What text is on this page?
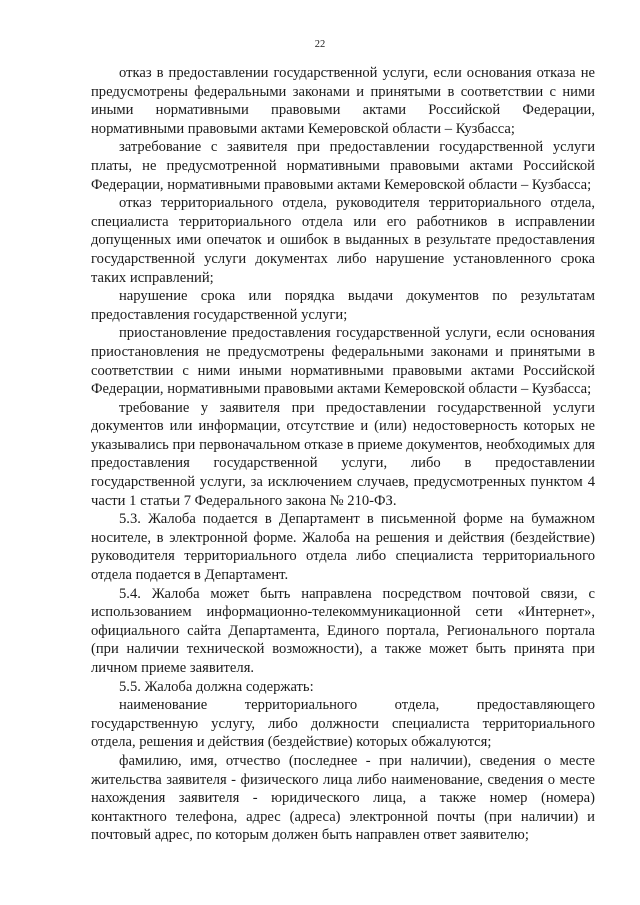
22

отказ в предоставлении государственной услуги, если основания отказа не предусмотрены федеральными законами и принятыми в соответствии с ними иными нормативными правовыми актами Российской Федерации, нормативными правовыми актами Кемеровской области – Кузбасса;

затребование с заявителя при предоставлении государственной услуги платы, не предусмотренной нормативными правовыми актами Российской Федерации, нормативными правовыми актами Кемеровской области – Кузбасса;

отказ территориального отдела, руководителя территориального отдела, специалиста территориального отдела или его работников в исправлении допущенных ими опечаток и ошибок в выданных в результате предоставления государственной услуги документах либо нарушение установленного срока таких исправлений;

нарушение срока или порядка выдачи документов по результатам предоставления государственной услуги;

приостановление предоставления государственной услуги, если основания приостановления не предусмотрены федеральными законами и принятыми в соответствии с ними иными нормативными правовыми актами Российской Федерации, нормативными правовыми актами Кемеровской области – Кузбасса;

требование у заявителя при предоставлении государственной услуги документов или информации, отсутствие и (или) недостоверность которых не указывались при первоначальном отказе в приеме документов, необходимых для предоставления государственной услуги, либо в предоставлении государственной услуги, за исключением случаев, предусмотренных пунктом 4 части 1 статьи 7 Федерального закона № 210-ФЗ.

5.3. Жалоба подается в Департамент в письменной форме на бумажном носителе, в электронной форме. Жалоба на решения и действия (бездействие) руководителя территориального отдела либо специалиста территориального отдела подается в Департамент.

5.4. Жалоба может быть направлена посредством почтовой связи, с использованием информационно-телекоммуникационной сети «Интернет», официального сайта Департамента, Единого портала, Регионального портала (при наличии технической возможности), а также может быть принята при личном приеме заявителя.

5.5. Жалоба должна содержать:

наименование территориального отдела, предоставляющего государственную услугу, либо должности специалиста территориального отдела, решения и действия (бездействие) которых обжалуются;

фамилию, имя, отчество (последнее - при наличии), сведения о месте жительства заявителя - физического лица либо наименование, сведения о месте нахождения заявителя - юридического лица, а также номер (номера) контактного телефона, адрес (адреса) электронной почты (при наличии) и почтовый адрес, по которым должен быть направлен ответ заявителю;
